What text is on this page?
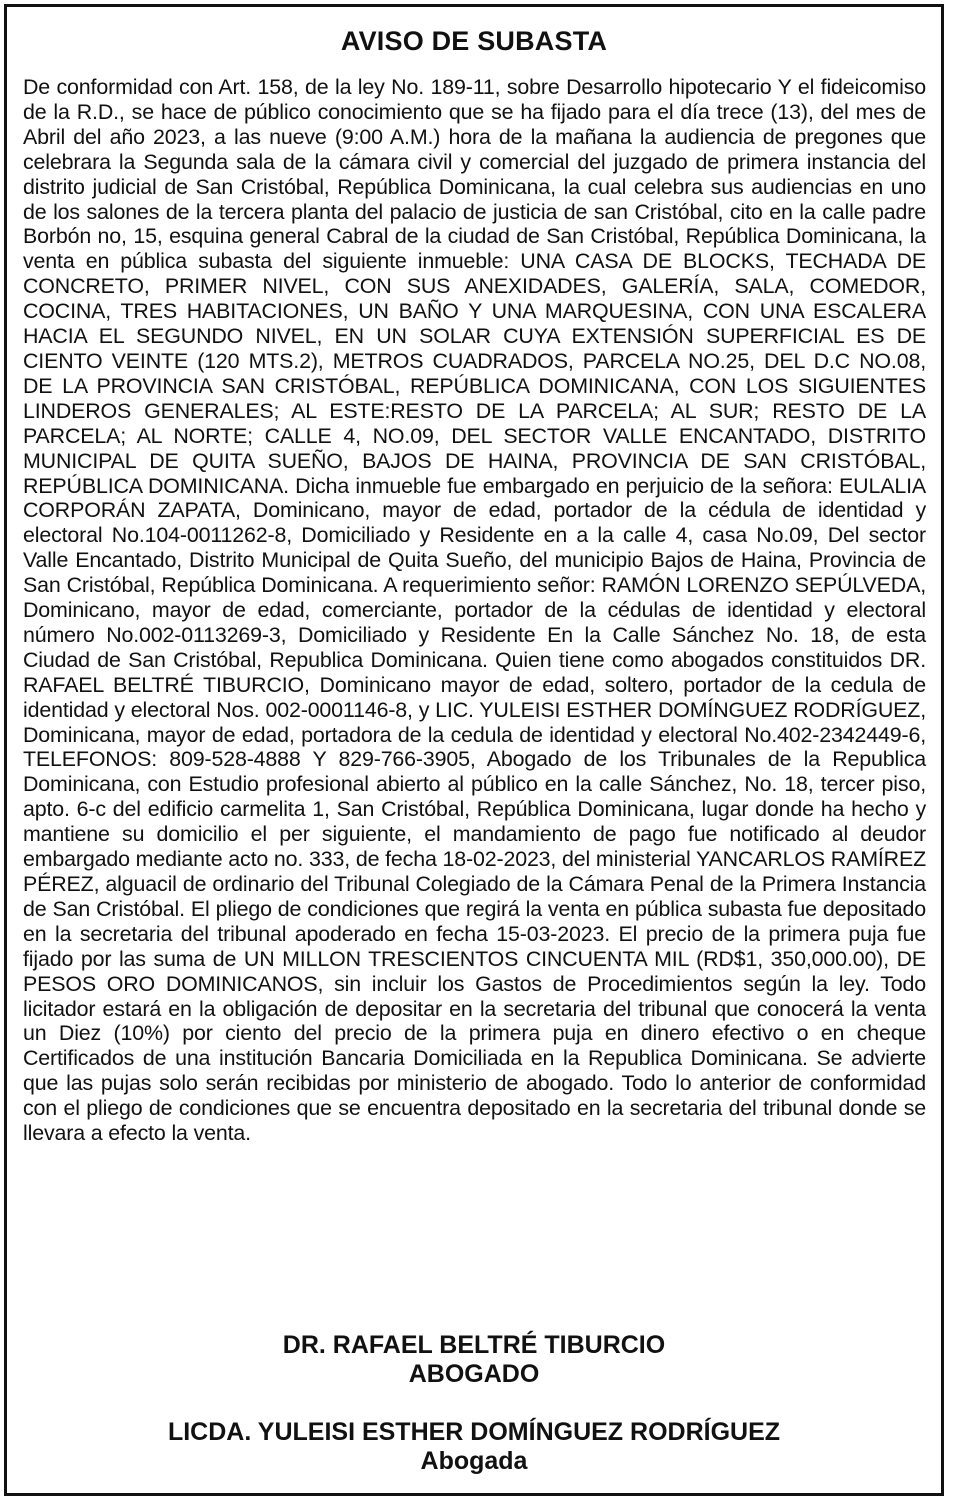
AVISO DE SUBASTA
De conformidad con Art. 158, de la ley No. 189-11, sobre Desarrollo hipotecario Y el fideicomiso de la R.D., se hace de público conocimiento que se ha fijado para el día trece (13), del mes de Abril del año 2023, a las nueve (9:00 A.M.) hora de la mañana la audiencia de pregones que celebrara la Segunda sala de la cámara civil y comercial del juzgado de primera instancia del distrito judicial de San Cristóbal, República Dominicana, la cual celebra sus audiencias en uno de los salones de la tercera planta del palacio de justicia de san Cristóbal, cito en la calle padre Borbón no, 15, esquina general Cabral de la ciudad de San Cristóbal, República Dominicana, la venta en pública subasta del siguiente inmueble: UNA CASA DE BLOCKS, TECHADA DE CONCRETO, PRIMER NIVEL, CON SUS ANEXIDADES, GALERÍA, SALA, COMEDOR, COCINA, TRES HABITACIONES, UN BAÑO Y UNA MARQUESINA, CON UNA ESCALERA HACIA EL SEGUNDO NIVEL, EN UN SOLAR CUYA EXTENSIÓN SUPERFICIAL ES DE CIENTO VEINTE (120 MTS.2), METROS CUADRADOS, PARCELA NO.25, DEL D.C NO.08, DE LA PROVINCIA SAN CRISTÓBAL, REPÚBLICA DOMINICANA, CON LOS SIGUIENTES LINDEROS GENERALES; AL ESTE:RESTO DE LA PARCELA; AL SUR; RESTO DE LA PARCELA; AL NORTE; CALLE 4, NO.09, DEL SECTOR VALLE ENCANTADO, DISTRITO MUNICIPAL DE QUITA SUEÑO, BAJOS DE HAINA, PROVINCIA DE SAN CRISTÓBAL, REPÚBLICA DOMINICANA. Dicha inmueble fue embargado en perjuicio de la señora: EULALIA CORPORÁN ZAPATA, Dominicano, mayor de edad, portador de la cédula de identidad y electoral No.104-0011262-8, Domiciliado y Residente en a la calle 4, casa No.09, Del sector Valle Encantado, Distrito Municipal de Quita Sueño, del municipio Bajos de Haina, Provincia de San Cristóbal, República Dominicana. A requerimiento señor: RAMÓN LORENZO SEPÚLVEDA, Dominicano, mayor de edad, comerciante, portador de la cédulas de identidad y electoral número No.002-0113269-3, Domiciliado y Residente En la Calle Sánchez No. 18, de esta Ciudad de San Cristóbal, Republica Dominicana. Quien tiene como abogados constituidos DR. RAFAEL BELTRÉ TIBURCIO, Dominicano mayor de edad, soltero, portador de la cedula de identidad y electoral Nos. 002-0001146-8, y LIC. YULEISI ESTHER DOMÍNGUEZ RODRÍGUEZ, Dominicana, mayor de edad, portadora de la cedula de identidad y electoral No.402-2342449-6, TELEFONOS: 809-528-4888 Y 829-766-3905, Abogado de los Tribunales de la Republica Dominicana, con Estudio profesional abierto al público en la calle Sánchez, No. 18, tercer piso, apto. 6-c del edificio carmelita 1, San Cristóbal, República Dominicana, lugar donde ha hecho y mantiene su domicilio el per siguiente, el mandamiento de pago fue notificado al deudor embargado mediante acto no. 333, de fecha 18-02-2023, del ministerial YANCARLOS RAMÍREZ PÉREZ, alguacil de ordinario del Tribunal Colegiado de la Cámara Penal de la Primera Instancia de San Cristóbal. El pliego de condiciones que regirá la venta en pública subasta fue depositado en la secretaria del tribunal apoderado en fecha 15-03-2023. El precio de la primera puja fue fijado por las suma de UN MILLON TRESCIENTOS CINCUENTA MIL (RD$1, 350,000.00), DE PESOS ORO DOMINICANOS, sin incluir los Gastos de Procedimientos según la ley. Todo licitador estará en la obligación de depositar en la secretaria del tribunal que conocerá la venta un Diez (10%) por ciento del precio de la primera puja en dinero efectivo o en cheque Certificados de una institución Bancaria Domiciliada en la Republica Dominicana. Se advierte que las pujas solo serán recibidas por ministerio de abogado. Todo lo anterior de conformidad con el pliego de condiciones que se encuentra depositado en la secretaria del tribunal donde se llevara a efecto la venta.
DR. RAFAEL BELTRÉ TIBURCIO
ABOGADO
LICDA. YULEISI ESTHER DOMÍNGUEZ RODRÍGUEZ
Abogada
